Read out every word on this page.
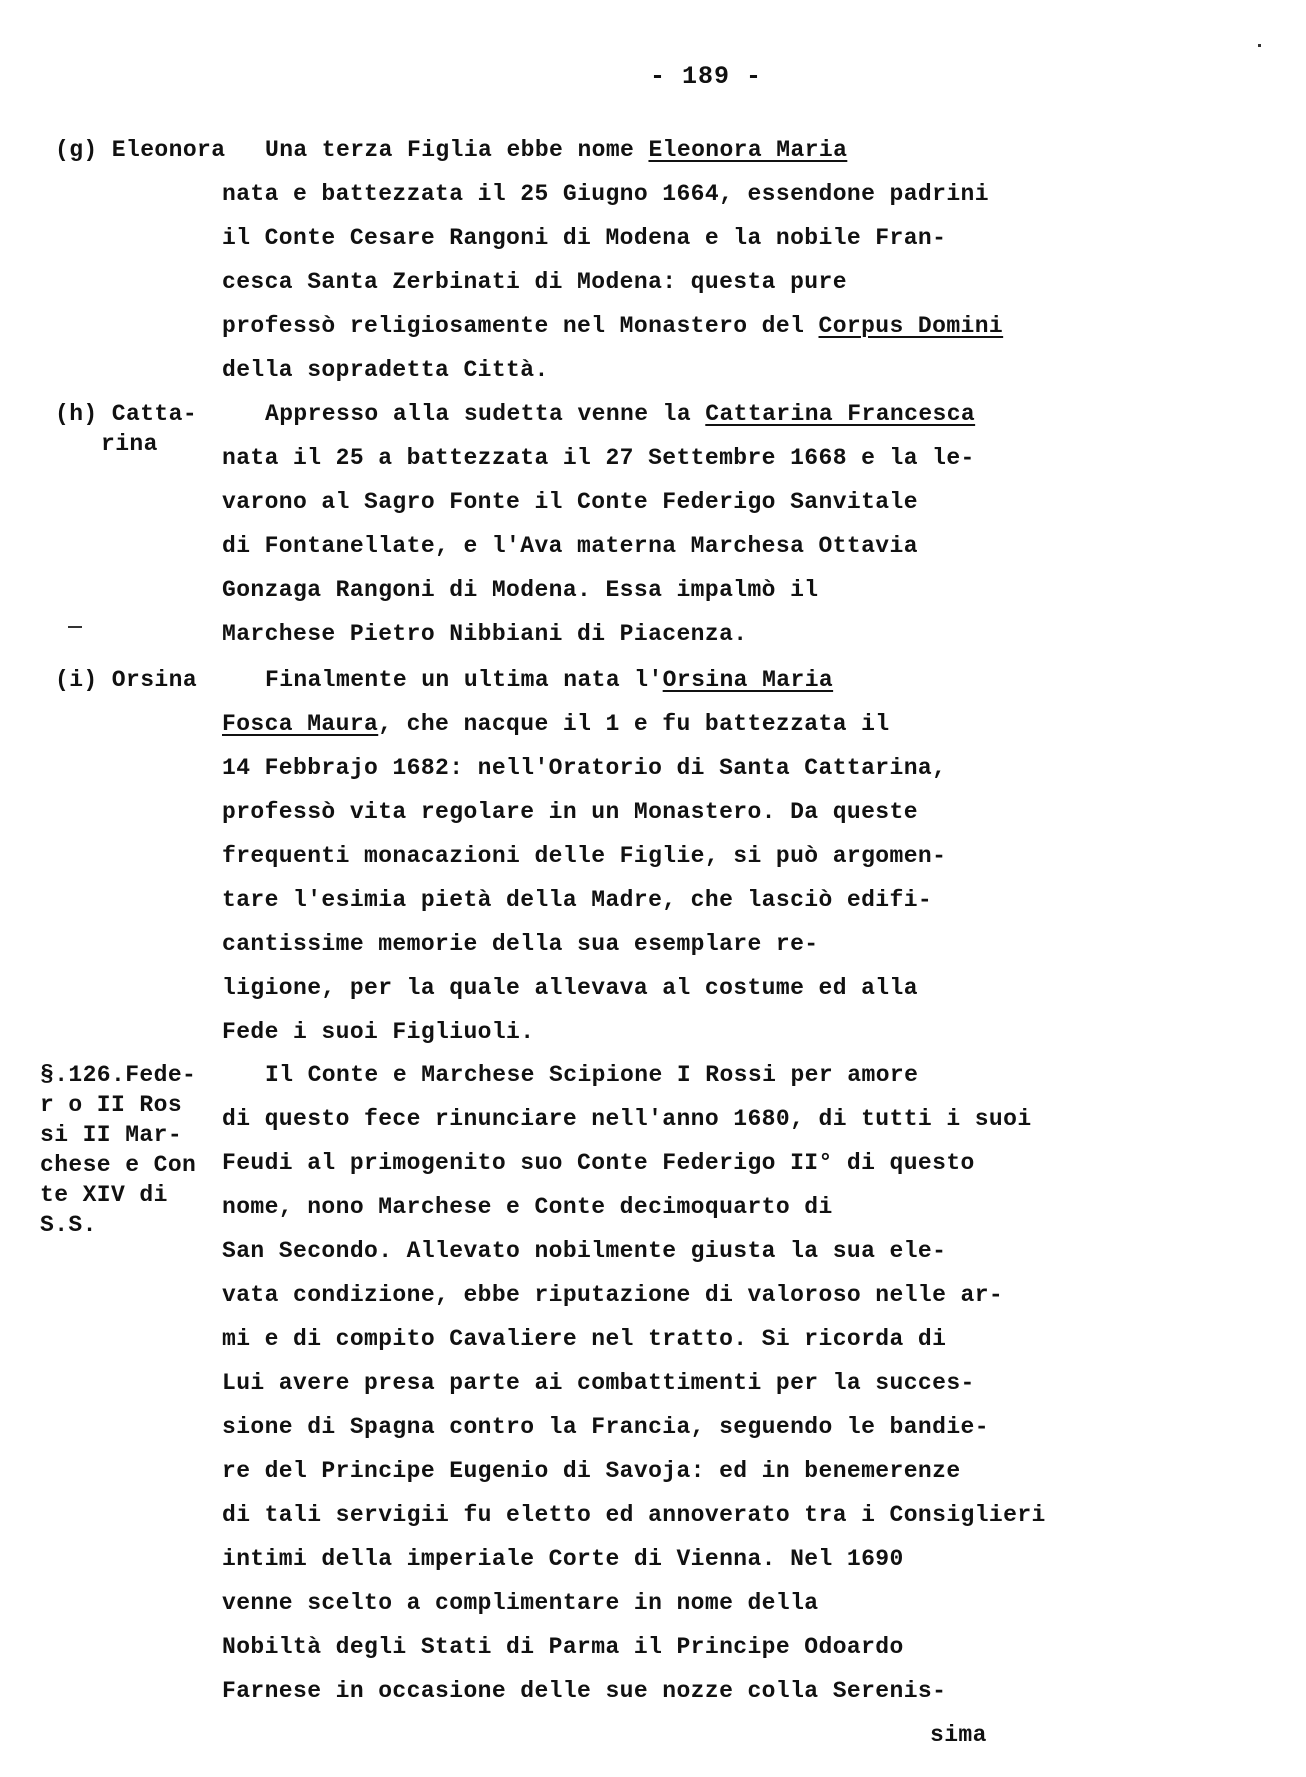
- 189 -
(g) Eleonora
(h) Catta-
rina
(i) Orsina
§.126.Fede-
r o II Ros
si II Mar-
chese e Con
te XIV di
S.S.
Una terza Figlia ebbe nome Eleonora Maria
nata e battezzata il 25 Giugno 1664, essendone padrini
il Conte Cesare Rangoni di Modena e la nobile Fran-
cesca Santa Zerbinati di Modena: questa pure
professò religiosamente nel Monastero del Corpus Domini
della sopradetta Città.
Appresso alla sudetta venne la Cattarina Francesca
nata il 25 a battezzata il 27 Settembre 1668 e la le-
varono al Sagro Fonte il Conte Federigo Sanvitale
di Fontanellate, e l'Ava materna Marchesa Ottavia
Gonzaga Rangoni di Modena. Essa impalmò il
Marchese Pietro Nibbiani di Piacenza.
Finalmente un ultima nata l'Orsina Maria
Fosca Maura, che nacque il 1 e fu battezzata il
14 Febbrajo 1682: nell'Oratorio di Santa Cattarina,
professò vita regolare in un Monastero. Da queste
frequenti monacazioni delle Figlie, si può argomen-
tare l'esimia pietà della Madre, che lasciò edifi-
cantissime memorie della sua esemplare re-
ligione, per la quale allevava al costume ed alla
Fede i suoi Figliuoli.
Il Conte e Marchese Scipione I Rossi per amore
di questo fece rinunciare nell'anno 1680, di tutti i suoi
Feudi al primogenito suo Conte Federigo II° di questo
nome, nono Marchese e Conte decimoquarto di
San Secondo. Allevato nobilmente giusta la sua ele-
vata condizione, ebbe riputazione di valoroso nelle ar-
mi e di compito Cavaliere nel tratto. Si ricorda di
Lui avere presa parte ai combattimenti per la succes-
sione di Spagna contro la Francia, seguendo le bandie-
re del Principe Eugenio di Savoja: ed in benemerenze
di tali servigii fu eletto ed annoverato tra i Consiglieri
intimi della imperiale Corte di Vienna. Nel 1690
venne scelto a complimentare in nome della
Nobiltà degli Stati di Parma il Principe Odoardo
Farnese in occasione delle sue nozze colla Serenis-
sima
